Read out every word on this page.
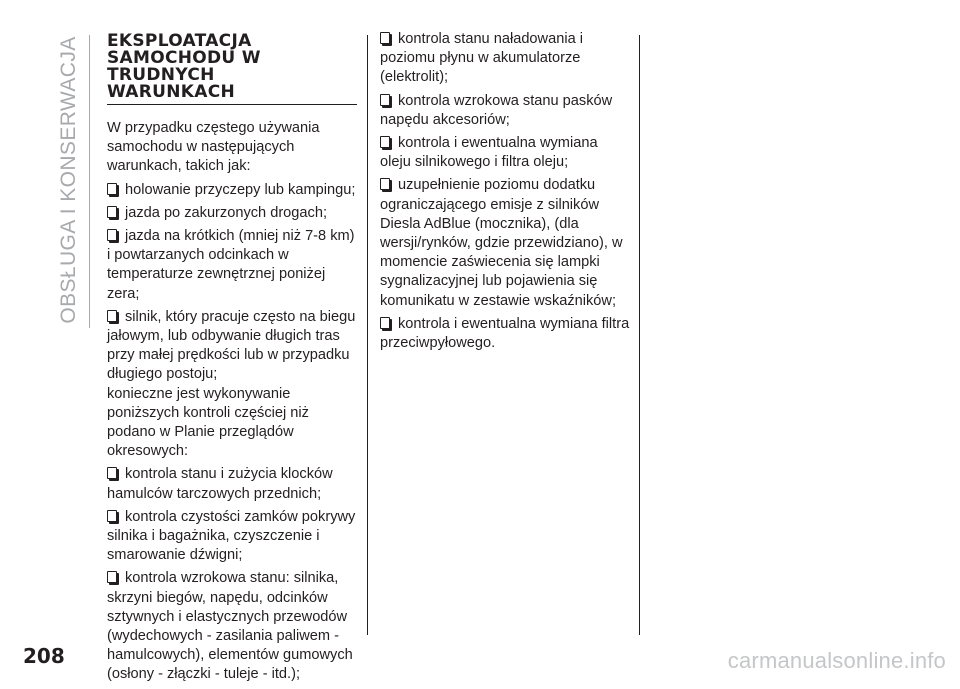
OBSŁUGA I KONSERWACJA EKSPLOATACJA
SAMOCHODU W
TRUDNYCH
WARUNKACH

W przypadku częstego używania samochodu w następujących warunkach, takich jak:

holowanie przyczepy lub kampingu;

jazda po zakurzonych drogach;

jazda na krótkich (mniej niż 7-8 km) i powtarzanych odcinkach w temperaturze zewnętrznej poniżej zera;

silnik, który pracuje często na biegu jałowym, lub odbywanie długich tras przy małej prędkości lub w przypadku długiego postoju;

konieczne jest wykonywanie poniższych kontroli częściej niż podano w Planie przeglądów okresowych:

kontrola stanu i zużycia klocków hamulców tarczowych przednich;

kontrola czystości zamków pokrywy silnika i bagażnika, czyszczenie i smarowanie dźwigni;

kontrola wzrokowa stanu: silnika, skrzyni biegów, napędu, odcinków sztywnych i elastycznych przewodów (wydechowych - zasilania paliwem - hamulcowych), elementów gumowych (osłony - złączki - tuleje - itd.);

kontrola stanu naładowania i poziomu płynu w akumulatorze (elektrolit);

kontrola wzrokowa stanu pasków napędu akcesoriów;

kontrola i ewentualna wymiana oleju silnikowego i filtra oleju;

uzupełnienie poziomu dodatku ograniczającego emisje z silników Diesla AdBlue (mocznika), (dla wersji/rynków, gdzie przewidziano), w momencie zaświecenia się lampki sygnalizacyjnej lub pojawienia się komunikatu w zestawie wskaźników;

kontrola i ewentualna wymiana filtra przeciwpyłowego.

208	carmanualsonline.info
